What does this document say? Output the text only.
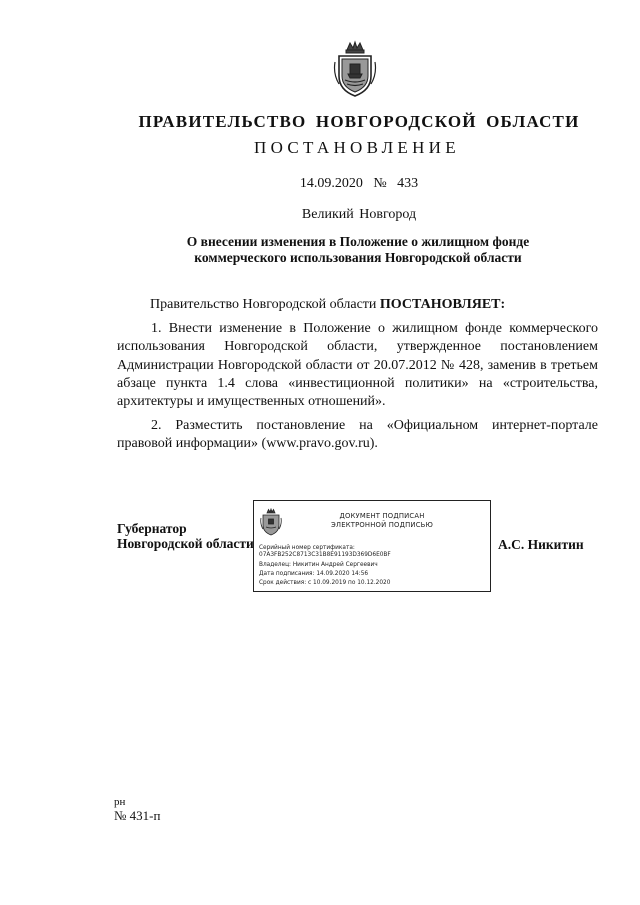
ПРАВИТЕЛЬСТВО НОВГОРОДСКОЙ ОБЛАСТИ
ПОСТАНОВЛЕНИЕ
14.09.2020 № 433
Великий Новгород
О внесении изменения в Положение о жилищном фонде
коммерческого использования Новгородской области
Правительство Новгородской области ПОСТАНОВЛЯЕТ:
1. Внести изменение в Положение о жилищном фонде коммерческого использования Новгородской области, утвержденное постановлением Администрации Новгородской области от 20.07.2012 № 428, заменив в третьем абзаце пункта 1.4 слова «инвестиционной политики» на «строительства, архитектуры и имущественных отношений».
2. Разместить постановление на «Официальном интернет-портале правовой информации» (www.pravo.gov.ru).
Губернатор
Новгородской области
ДОКУМЕНТ ПОДПИСАН
ЭЛЕКТРОННОЙ ПОДПИСЬЮ
Серийный номер сертификата:
07A3FB252C8713C31B8E91193D369D6E0BF
Владелец: Никитин Андрей Сергеевич
Дата подписания: 14.09.2020 14:56
Срок действия: с 10.09.2019 по 10.12.2020
А.С. Никитин
рн
№ 431-п
